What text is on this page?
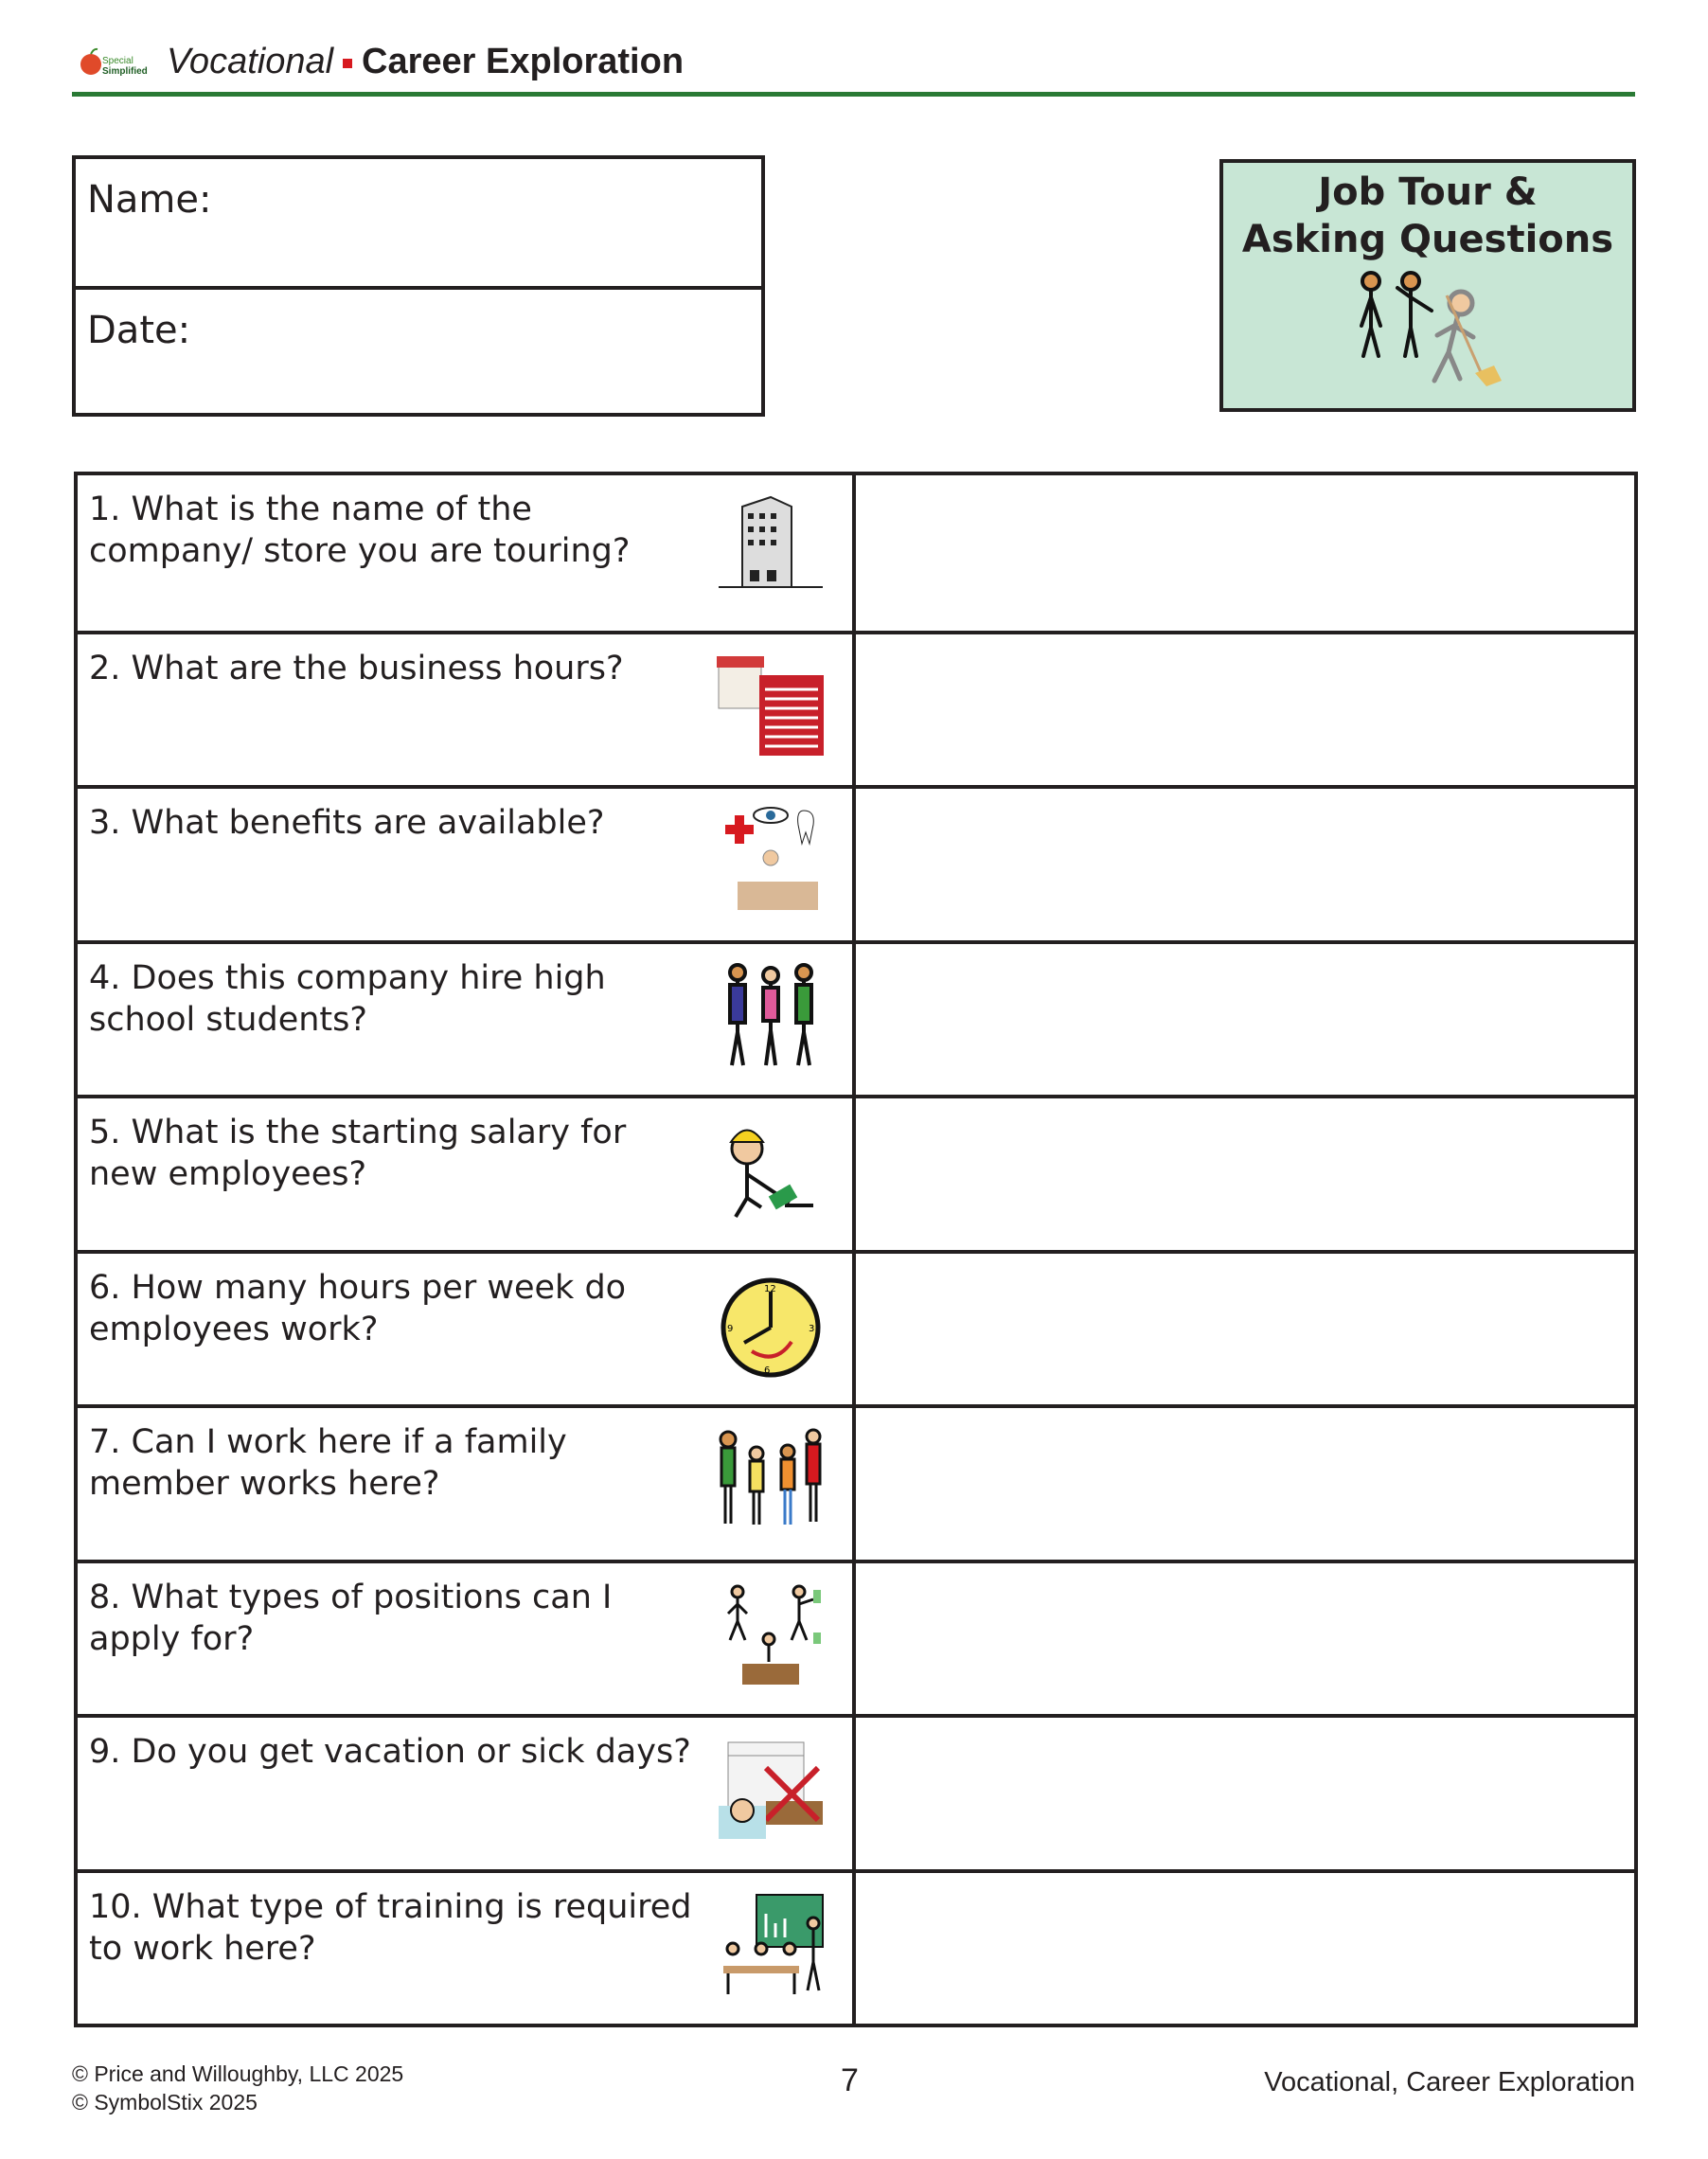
Special
Simplified Vocational Career Exploration
Name:
Date:
Job Tour &
Asking Questions
1. What is the name of the company/ store you are touring?
2. What are the business hours?
3. What benefits are available?
4. Does this company hire high school students?
5. What is the starting salary for new employees?
6. How many hours per week do employees work?
12
6
3
9
7. Can I work here if a family member works here?
8. What types of positions can I apply for?
9. Do you get vacation or sick days?
10. What type of training is required to work here?
© Price and Willoughby, LLC 2025
© SymbolStix 2025
7	Vocational, Career Exploration
